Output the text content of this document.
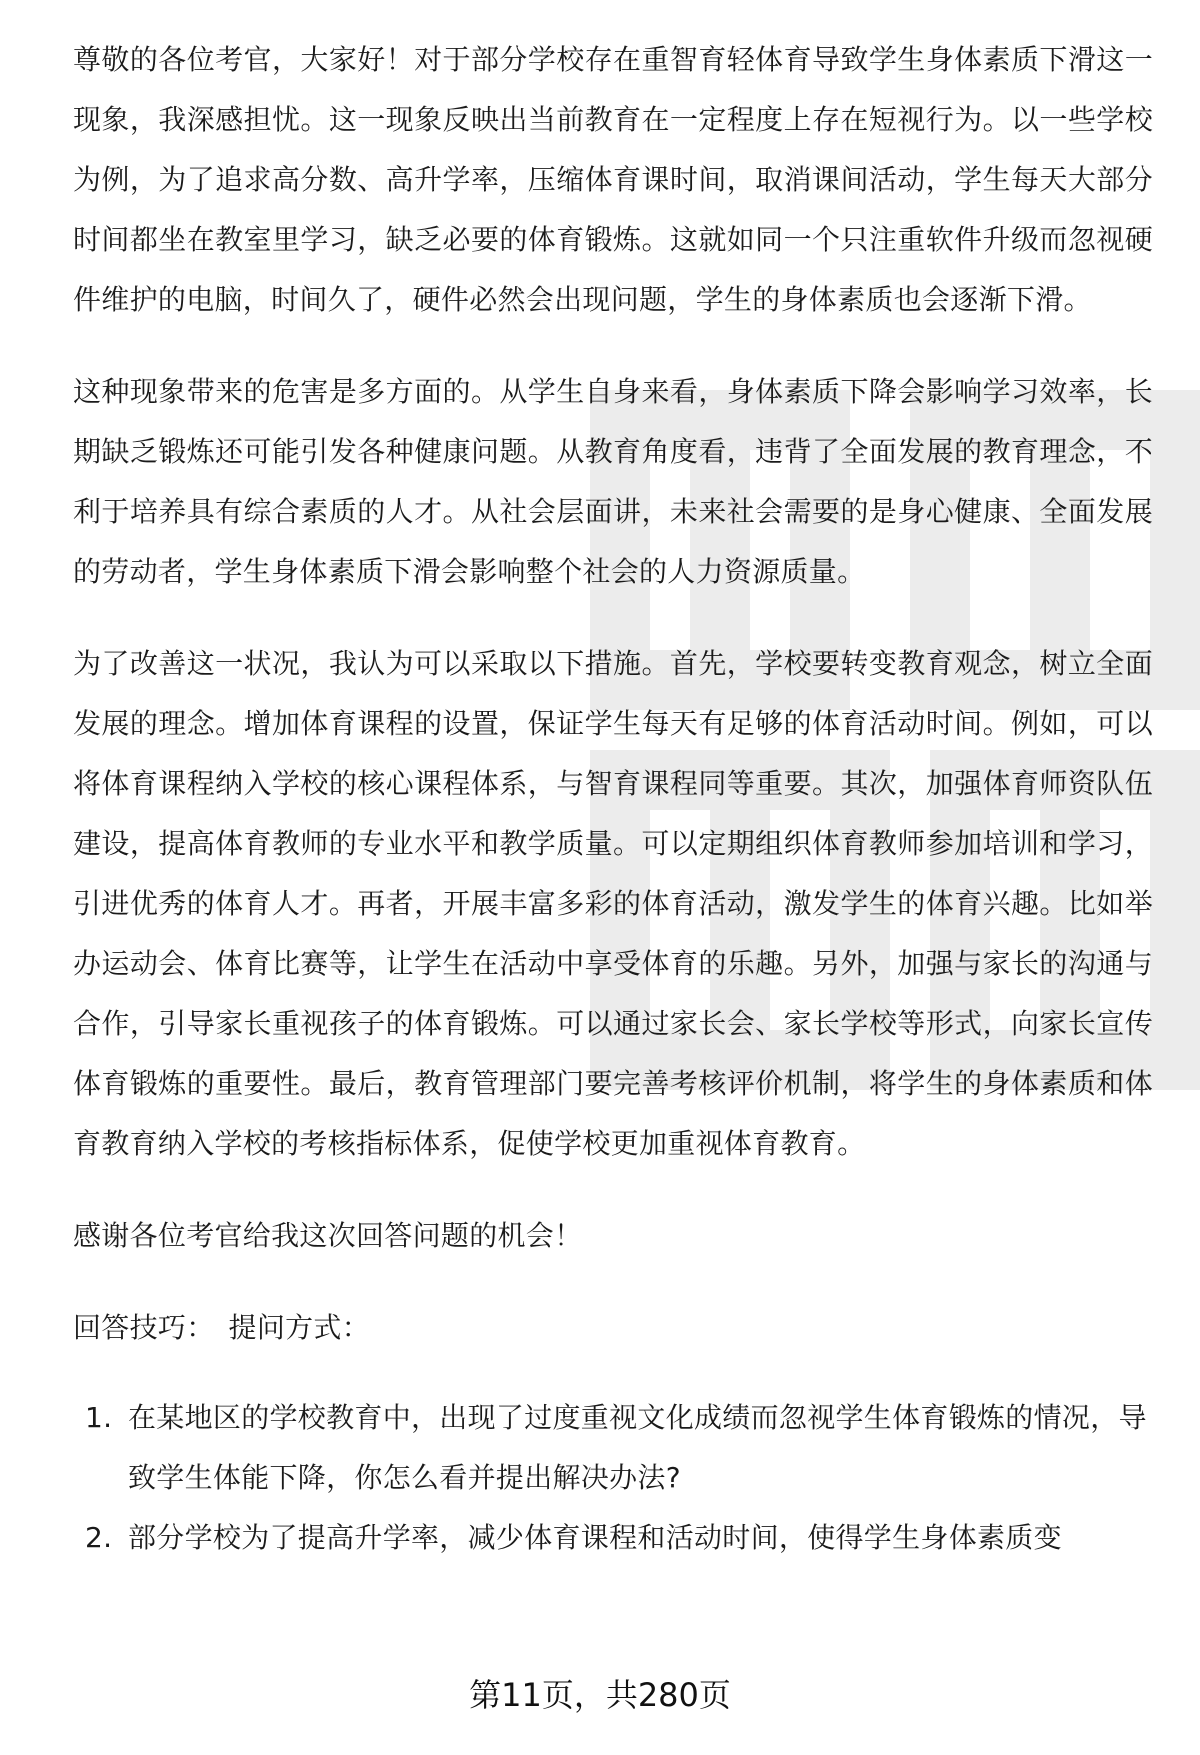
尊敬的各位考官，大家好！对于部分学校存在重智育轻体育导致学生身体素质下滑这一现象，我深感担忧。这一现象反映出当前教育在一定程度上存在短视行为。以一些学校为例，为了追求高分数、高升学率，压缩体育课时间，取消课间活动，学生每天大部分时间都坐在教室里学习，缺乏必要的体育锻炼。这就如同一个只注重软件升级而忽视硬件维护的电脑，时间久了，硬件必然会出现问题，学生的身体素质也会逐渐下滑。

这种现象带来的危害是多方面的。从学生自身来看，身体素质下降会影响学习效率，长期缺乏锻炼还可能引发各种健康问题。从教育角度看，违背了全面发展的教育理念，不利于培养具有综合素质的人才。从社会层面讲，未来社会需要的是身心健康、全面发展的劳动者，学生身体素质下滑会影响整个社会的人力资源质量。

为了改善这一状况，我认为可以采取以下措施。首先，学校要转变教育观念，树立全面发展的理念。增加体育课程的设置，保证学生每天有足够的体育活动时间。例如，可以将体育课程纳入学校的核心课程体系，与智育课程同等重要。其次，加强体育师资队伍建设，提高体育教师的专业水平和教学质量。可以定期组织体育教师参加培训和学习，引进优秀的体育人才。再者，开展丰富多彩的体育活动，激发学生的体育兴趣。比如举办运动会、体育比赛等，让学生在活动中享受体育的乐趣。另外，加强与家长的沟通与合作，引导家长重视孩子的体育锻炼。可以通过家长会、家长学校等形式，向家长宣传体育锻炼的重要性。最后，教育管理部门要完善考核评价机制，将学生的身体素质和体育教育纳入学校的考核指标体系，促使学校更加重视体育教育。

感谢各位考官给我这次回答问题的机会！

回答技巧： 提问方式：

1. 在某地区的学校教育中，出现了过度重视文化成绩而忽视学生体育锻炼的情况，导致学生体能下降，你怎么看并提出解决办法?
2. 部分学校为了提高升学率，减少体育课程和活动时间，使得学生身体素质变
第11页，共280页
